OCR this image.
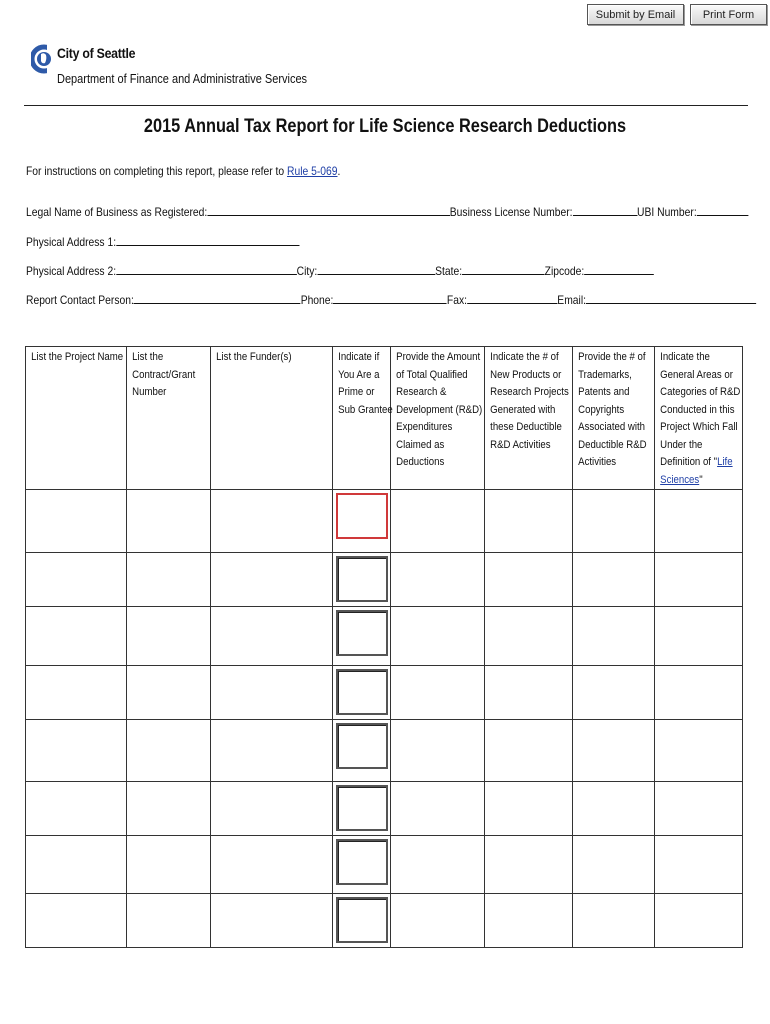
Submit by Email	Print Form
City of Seattle
Department of Finance and Administrative Services
2015 Annual Tax Report for Life Science Research Deductions
For instructions on completing this report, please refer to Rule 5-069.
Legal Name of Business as Registered:	Business License Number:	UBI Number:
Physical Address 1:
Physical Address 2:	City:	State:	Zipcode:
Report Contact Person:	Phone:	Fax:	Email:
List the Project Name	List the Contract/Grant Number	List the Funder(s)	Indicate if You Are a Prime or Sub Grantee	Provide the Amount of Total Qualified Research & Development (R&D) Expenditures Claimed as Deductions	Indicate the # of New Products or Research Projects Generated with these Deductible R&D Activities	Provide the # of Trademarks, Patents and Copyrights Associated with Deductible R&D Activities	Indicate the General Areas or Categories of R&D Conducted in this Project Which Fall Under the Definition of "Life Sciences"
